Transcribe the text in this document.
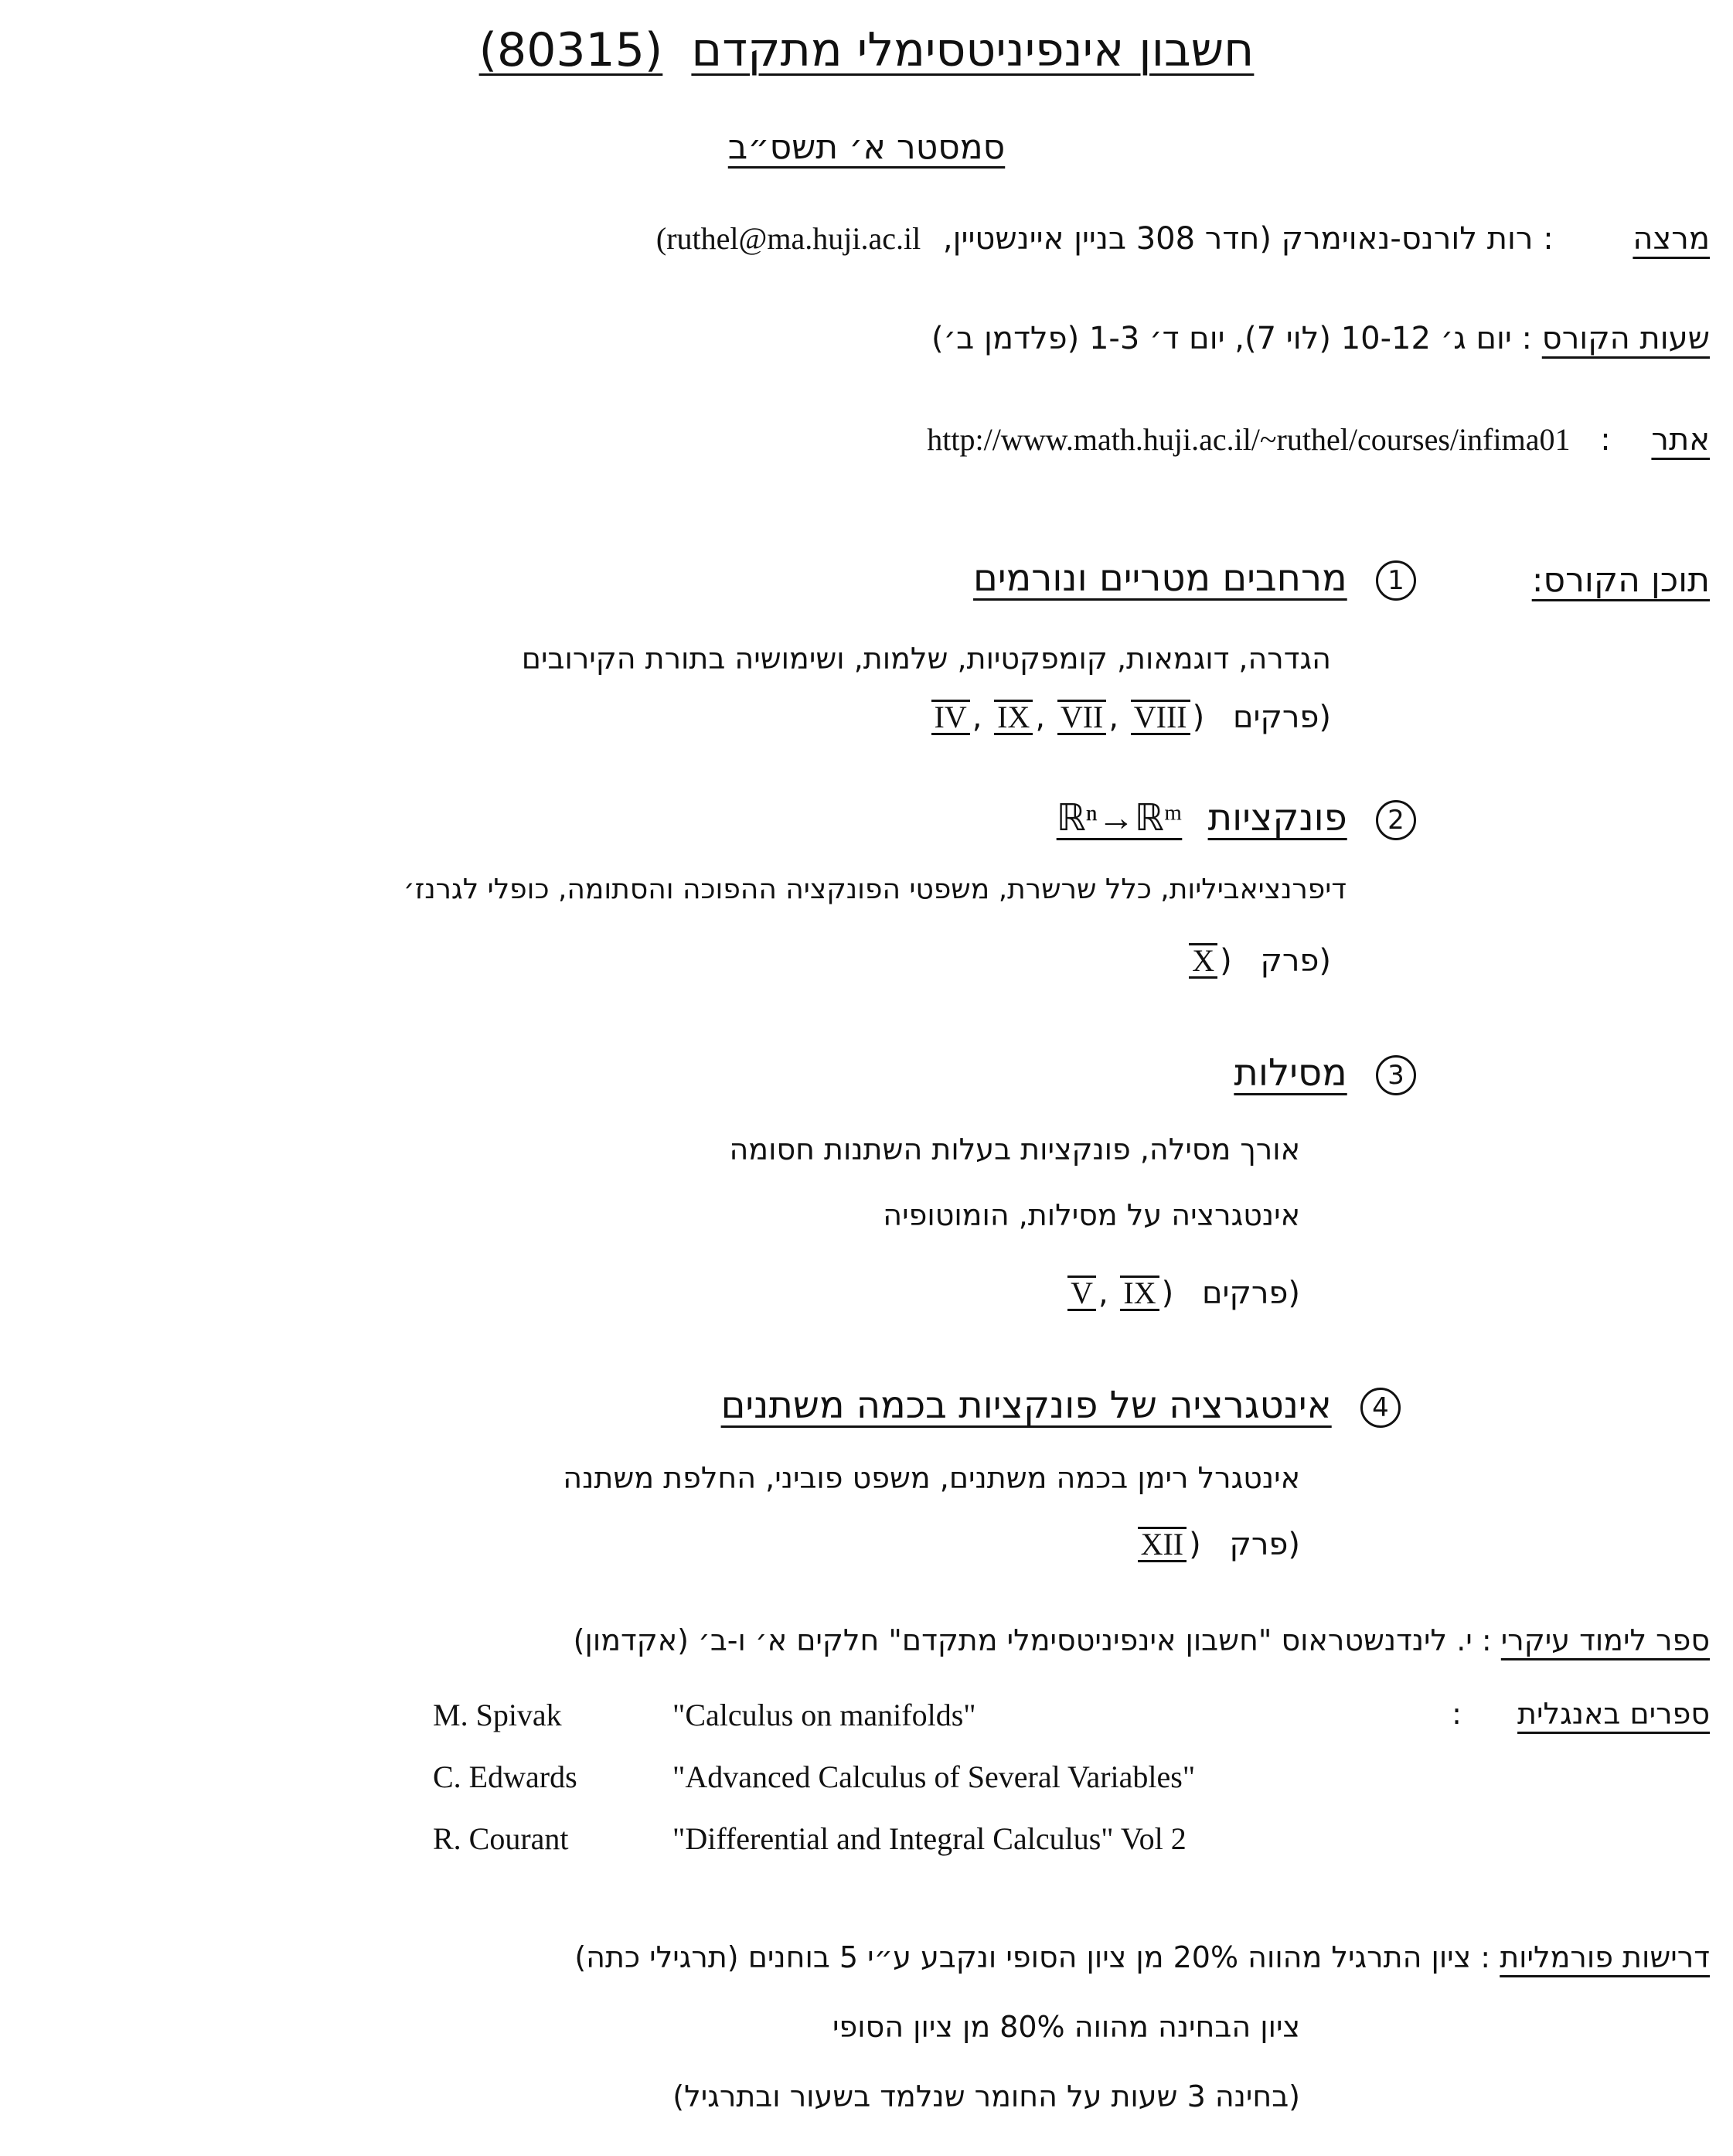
חשבון אינפיניטסימלי מתקדם (80315)
סמסטר א׳ תשס״ב
מרצה : רות לורנס-נאוימרק (חדר 308 בניין איינשטיין, (ruthel@ma.huji.ac.il
שעות הקורס : יום ג׳ 10-12 (לוי 7), יום ד׳ 1-3 (פלדמן ב׳)
אתר : http://www.math.huji.ac.il/~ruthel/courses/infima01
תוכן הקורס:
1 מרחבים מטריים ונורמים
הגדרה, דוגמאות, קומפקטיות, שלמות, ושימושיה בתורת הקירובים
(פרקים IV , IX , VII , VIII )
2 פונקציות ℝⁿ→ℝᵐ
דיפרנציאביליות, כלל שרשרת, משפטי הפונקציה ההפוכה והסתומה, כופלי לגרנז׳
(פרק X )
3 מסילות
אורך מסילה, פונקציות בעלות השתנות חסומה
אינטגרציה על מסילות, הומוטופיה
(פרקים V , IX )
4 אינטגרציה של פונקציות בכמה משתנים
אינטגרל רימן בכמה משתנים, משפט פוביני, החלפת משתנה
(פרק XII )
ספר לימוד עיקרי : י. לינדנשטראוס "חשבון אינפיניטסימלי מתקדם" חלקים א׳ ו-ב׳ (אקדמון)
ספרים באנגלית :
M. Spivak	"Calculus on manifolds"
C. Edwards	"Advanced Calculus of Several Variables"
R. Courant	"Differential and Integral Calculus" Vol 2
דרישות פורמליות : ציון התרגיל מהווה 20% מן ציון הסופי ונקבע ע״י 5 בוחנים (תרגילי כתה)
ציון הבחינה מהווה 80% מן ציון הסופי
(בחינה 3 שעות על החומר שנלמד בשעור ובתרגיל)
